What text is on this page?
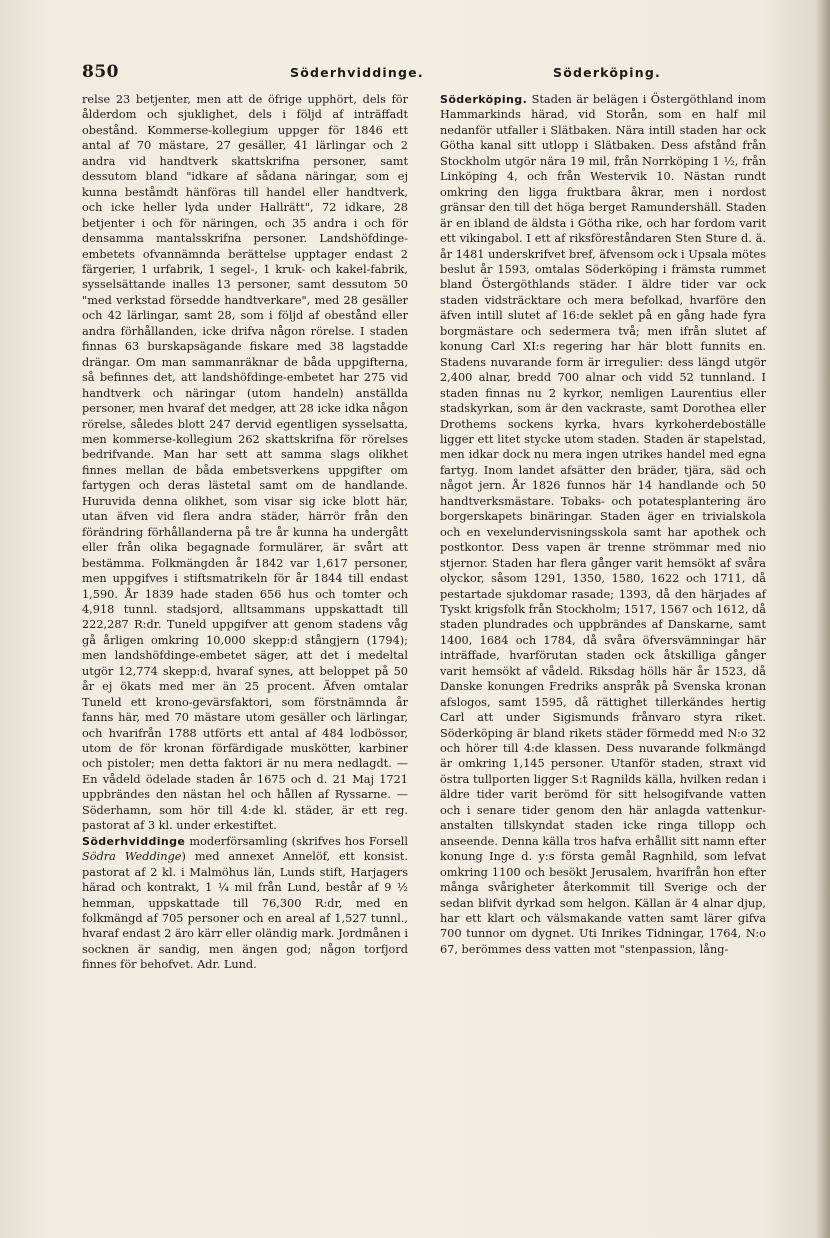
850	Söderhviddinge.	Söderköping.

relse 23 betjenter, men att de öfrige upphört, dels för ålderdom och sjuklighet, dels i följd af inträffadt obestånd. Kommerse-kollegium uppger för 1846 ett antal af 70 mästare, 27 gesäller, 41 lärlingar och 2 andra vid handtverk skattskrifna personer, samt dessutom bland "idkare af sådana näringar, som ej kunna beståmdt hänföras till handel eller handtverk, och icke heller lyda under Hallrätt", 72 idkare, 28 betjenter i och för näringen, och 35 andra i och för densamma mantalsskrifna personer. Landshöfdinge-embetets ofvannämnda berättelse upptager endast 2 färgerier, 1 urfabrik, 1 segel-, 1 kruk- och kakel-fabrik, sysselsättande inalles 13 personer, samt dessutom 50 "med verkstad försedde handtverkare", med 28 gesäller och 42 lärlingar, samt 28, som i följd af obestånd eller andra förhållanden, icke drifva någon rörelse. I staden finnas 63 burskapsägande fiskare med 38 lagstadde drängar. Om man sammanräknar de båda uppgifterna, så befinnes det, att landshöfdinge-embetet har 275 vid handtverk och näringar (utom handeln) anställda personer, men hvaraf det medger, att 28 icke idka någon rörelse, således blott 247 dervid egentligen sysselsatta, men kommerse-kollegium 262 skattskrifna för rörelses bedrifvande. Man har sett att samma slags olikhet finnes mellan de båda embetsverkens uppgifter om fartygen och deras lästetal samt om de handlande. Huruvida denna olikhet, som visar sig icke blott här, utan äfven vid flera andra städer, härrör från den förändring förhållanderna på tre år kunna ha undergått eller från olika begagnade formulärer, är svårt att bestämma. Folkmängden år 1842 var 1,617 personer, men uppgifves i stiftsmatrikeln för år 1844 till endast 1,590. År 1839 hade staden 656 hus och tomter och 4,918 tunnl. stadsjord, alltsammans uppskattadt till 222,287 R:dr. Tuneld uppgifver att genom stadens våg gå årligen omkring 10,000 skepp:d stångjern (1794); men landshöfdinge-embetet säger, att det i medeltal utgör 12,774 skepp:d, hvaraf synes, att beloppet på 50 år ej ökats med mer än 25 procent. Äfven omtalar Tuneld ett krono-gevärsfaktori, som förstnämnda år fanns här, med 70 mästare utom gesäller och lärlingar, och hvarifrån 1788 utförts ett antal af 484 lodbössor, utom de för kronan förfärdigade muskötter, karbiner och pistoler; men detta faktori är nu mera nedlagdt. — En vådeld ödelade staden år 1675 och d. 21 Maj 1721 uppbrändes den nästan hel och hållen af Ryssarne. — Söderhamn, som hör till 4:de kl. städer, är ett reg. pastorat af 3 kl. under erkestiftet.

Söderhviddinge moderförsamling (skrifves hos Forsell Södra Weddinge) med annexet Annelöf, ett konsist. pastorat af 2 kl. i Malmöhus län, Lunds stift, Harjagers härad och kontrakt, 1 ¼ mil från Lund, består af 9 ½ hemman, uppskattade till 76,300 R:dr, med en folkmängd af 705 personer och en areal af 1,527 tunnl., hvaraf endast 2 äro kärr eller oländig mark. Jordmånen i socknen är sandig, men ängen god; någon torfjord finnes för behofvet. Adr. Lund.

Söderköping. Staden är belägen i Östergöthland inom Hammarkinds härad, vid Storån, som en half mil nedanför utfaller i Slätbaken. Nära intill staden har ock Götha kanal sitt utlopp i Slätbaken. Dess afstånd från Stockholm utgör nära 19 mil, från Norrköping 1 ½, från Linköping 4, och från Westervik 10. Nästan rundt omkring den ligga fruktbara åkrar, men i nordost gränsar den till det höga berget Ramundershäll. Staden är en ibland de äldsta i Götha rike, och har fordom varit ett vikingabol. I ett af riksföreståndaren Sten Sture d. ä. år 1481 underskrifvet bref, äfvensom ock i Upsala mötes beslut år 1593, omtalas Söderköping i främsta rummet bland Östergöthlands städer. I äldre tider var ock staden vidsträcktare och mera befolkad, hvarföre den äfven intill slutet af 16:de seklet på en gång hade fyra borgmästare och sedermera två; men ifrån slutet af konung Carl XI:s regering har här blott funnits en. Stadens nuvarande form är irregulier: dess längd utgör 2,400 alnar, bredd 700 alnar och vidd 52 tunnland. I staden finnas nu 2 kyrkor, nemligen Laurentius eller stadskyrkan, som är den vackraste, samt Dorothea eller Drothems sockens kyrka, hvars kyrkoherdeboställe ligger ett litet stycke utom staden. Staden är stapelstad, men idkar dock nu mera ingen utrikes handel med egna fartyg. Inom landet afsätter den bräder, tjära, säd och något jern. År 1826 funnos här 14 handlande och 50 handtverksmästare. Tobaks- och potatesplantering äro borgerskapets binäringar. Staden äger en trivialskola och en vexelundervisningsskola samt har apothek och postkontor. Dess vapen är trenne strömmar med nio stjernor. Staden har flera gånger varit hemsökt af svåra olyckor, såsom 1291, 1350, 1580, 1622 och 1711, då pestartade sjukdomar rasade; 1393, då den härjades af Tyskt krigsfolk från Stockholm; 1517, 1567 och 1612, då staden plundrades och uppbrändes af Danskarne, samt 1400, 1684 och 1784, då svåra öfversvämningar här inträffade, hvarförutan staden ock åtskilliga gånger varit hemsökt af vådeld. Riksdag hölls här år 1523, då Danske konungen Fredriks anspråk på Svenska kronan afslogos, samt 1595, då rättighet tillerkändes hertig Carl att under Sigismunds frånvaro styra riket. Söderköping är bland rikets städer förmedd med N:o 32 och hörer till 4:de klassen. Dess nuvarande folkmängd är omkring 1,145 personer. Utanför staden, straxt vid östra tullporten ligger S:t Ragnilds källa, hvilken redan i äldre tider varit berömd för sitt helsogifvande vatten och i senare tider genom den här anlagda vattenkur-anstalten tillskyndat staden icke ringa tillopp och anseende. Denna källa tros hafva erhållit sitt namn efter konung Inge d. y:s första gemål Ragnhild, som lefvat omkring 1100 och besökt Jerusalem, hvarifrån hon efter många svårigheter återkommit till Sverige och der sedan blifvit dyrkad som helgon. Källan är 4 alnar djup, har ett klart och välsmakande vatten samt lärer gifva 700 tunnor om dygnet. Uti Inrikes Tidningar, 1764, N:o 67, berömmes dess vatten mot "stenpassion, lång-
